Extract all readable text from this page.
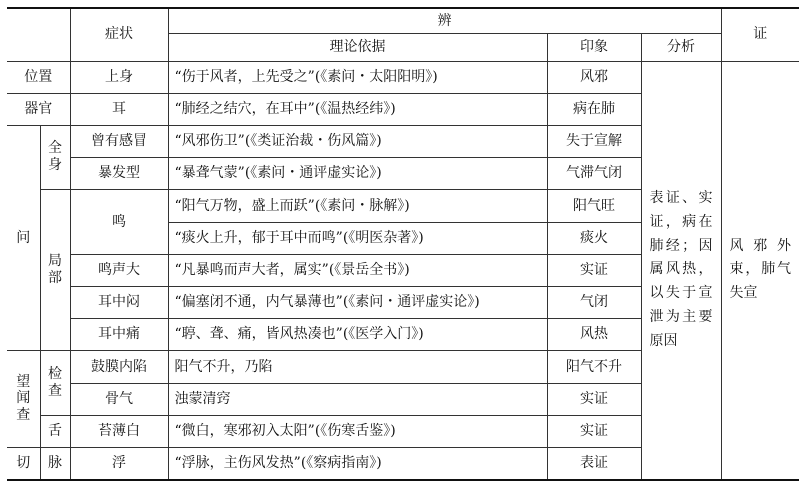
		症状	辨			证
			理论依据	印象	分析	
位置		上身	“伤于风者，上先受之”(《素问・太阳阳明》)	风邪	表证、实证，病在肺经；因属风热，以失于宣泄为主要原因	风邪外束，肺气失宣
器官		耳	“肺经之结穴，在耳中”(《温热经纬》)	病在肺		
问	全身	曾有感冒	“风邪伤卫”(《类证治裁・伤风篇》)	失于宣解		
		暴发型	“暴聋气蒙”(《素问・通评虚实论》)	气滞气闭		
	局部	鸣	“阳气万物，盛上而跃”(《素问・脉解》)	阳气旺		
			“痰火上升，郁于耳中而鸣”(《明医杂著》)	痰火		
		鸣声大	“凡暴鸣而声大者，属实”(《景岳全书》)	实证		
		耳中闷	“偏塞闭不通，内气暴薄也”(《素问・通评虚实论》)	气闭		
		耳中痛	“聤、聋、痛，皆风热凑也”(《医学入门》)	风热		
望闻查	检查	鼓膜内陷	阳气不升，乃陷	阳气不升		
		骨气	浊蒙清窍	实证		
	舌	苔薄白	“微白，寒邪初入太阳”(《伤寒舌鉴》)	实证		
切	脉	浮	“浮脉，主伤风发热”(《察病指南》)	表证		
